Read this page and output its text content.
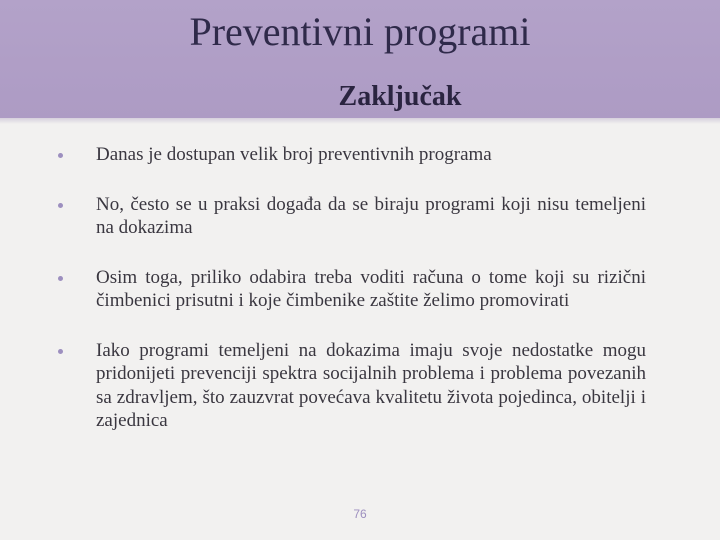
Preventivni programi
Zaključak
Danas je dostupan velik broj preventivnih programa
No, često se u praksi događa da se biraju programi koji nisu temeljeni na dokazima
Osim toga, priliko odabira treba voditi računa o tome koji su rizični čimbenici prisutni i koje čimbenike zaštite želimo promovirati
Iako programi temeljeni na dokazima imaju svoje nedostatke mogu pridonijeti prevenciji spektra socijalnih problema i problema povezanih sa zdravljem, što zauzvrat povećava kvalitetu života pojedinca, obitelji i zajednica
76
